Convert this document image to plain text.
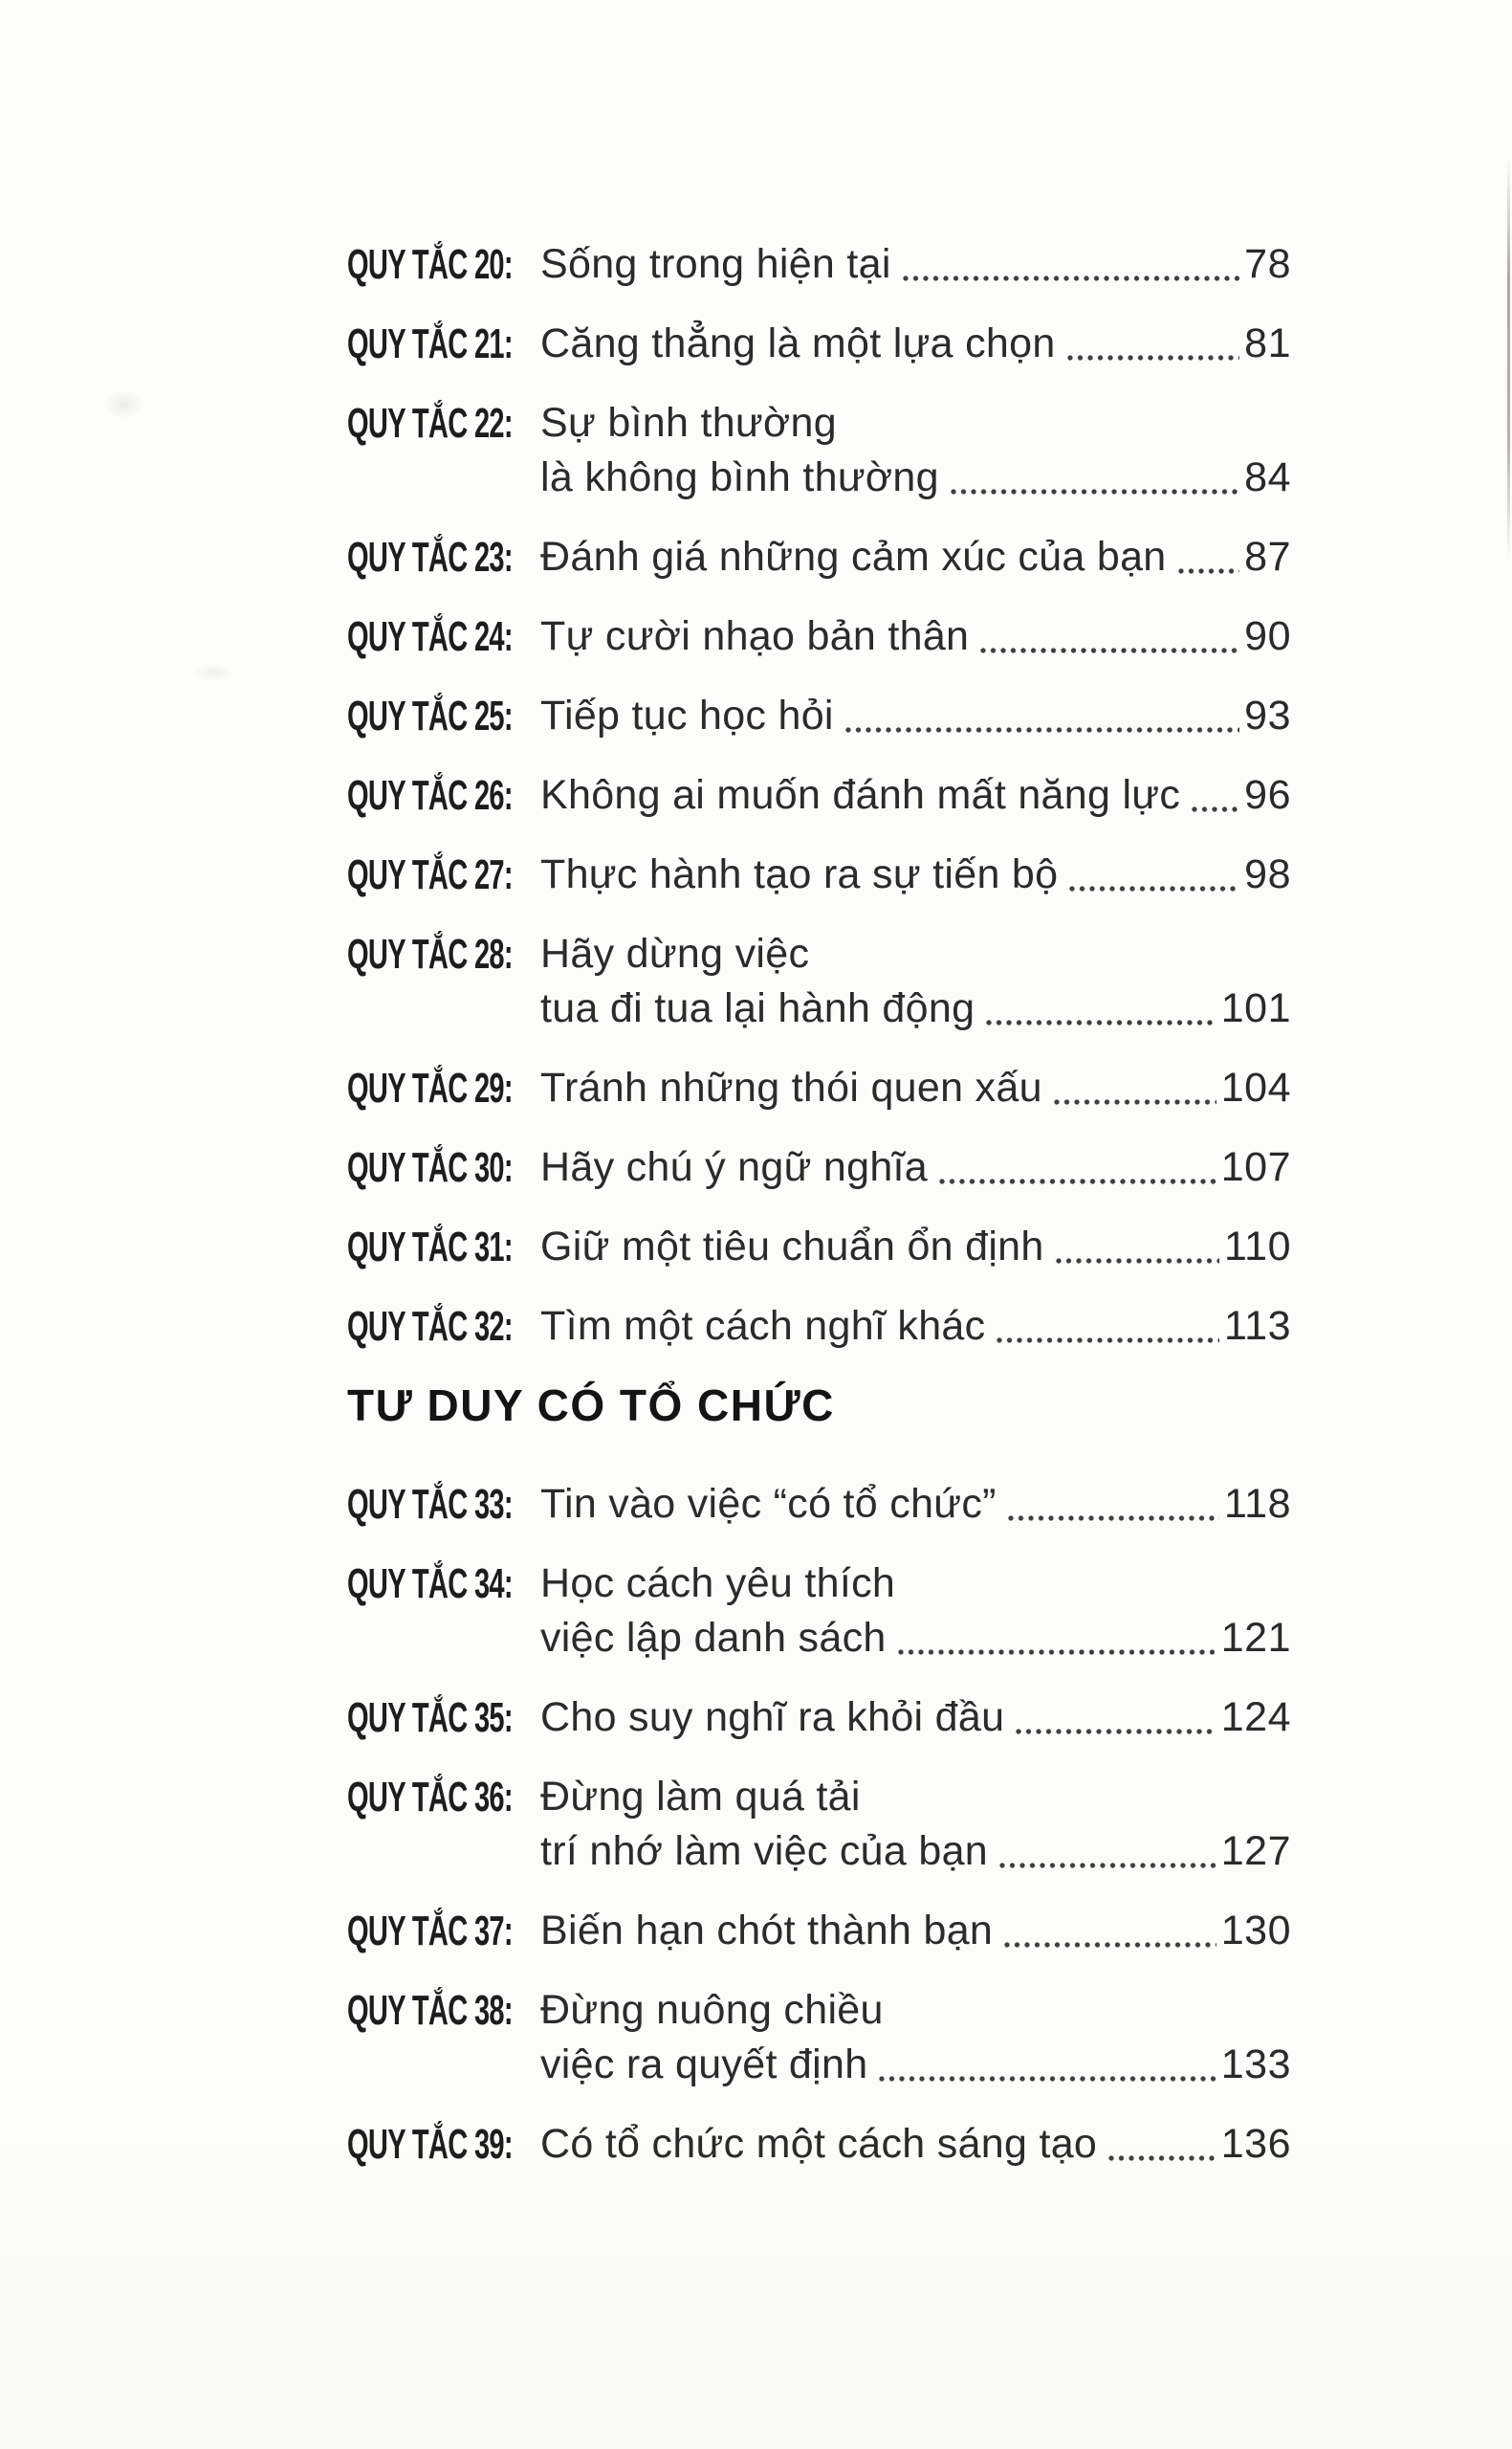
QUY TẮC 20: Sống trong hiện tại	78
QUY TẮC 21: Căng thẳng là một lựa chọn	81
QUY TẮC 22: Sự bình thường
là không bình thường	84
QUY TẮC 23: Đánh giá những cảm xúc của bạn 87
QUY TẮC 24: Tự cười nhạo bản thân	90
QUY TẮC 25: Tiếp tục học hỏi	93
QUY TẮC 26: Không ai muốn đánh mất năng lực 96
QUY TẮC 27: Thực hành tạo ra sự tiến bộ	98
QUY TẮC 28: Hãy dừng việc
tua đi tua lại hành động	101
QUY TẮC 29: Tránh những thói quen xấu	104
QUY TẮC 30: Hãy chú ý ngữ nghĩa	107
QUY TẮC 31: Giữ một tiêu chuẩn ổn định	110
QUY TẮC 32: Tìm một cách nghĩ khác	113
TƯ DUY CÓ TỔ CHỨC
QUY TẮC 33: Tin vào việc “có tổ chức”	118
QUY TẮC 34: Học cách yêu thích
việc lập danh sách	121
QUY TẮC 35: Cho suy nghĩ ra khỏi đầu	124
QUY TẮC 36: Đừng làm quá tải
trí nhớ làm việc của bạn	127
QUY TẮC 37: Biến hạn chót thành bạn	130
QUY TẮC 38: Đừng nuông chiều
việc ra quyết định	133
QUY TẮC 39: Có tổ chức một cách sáng tạo	136
